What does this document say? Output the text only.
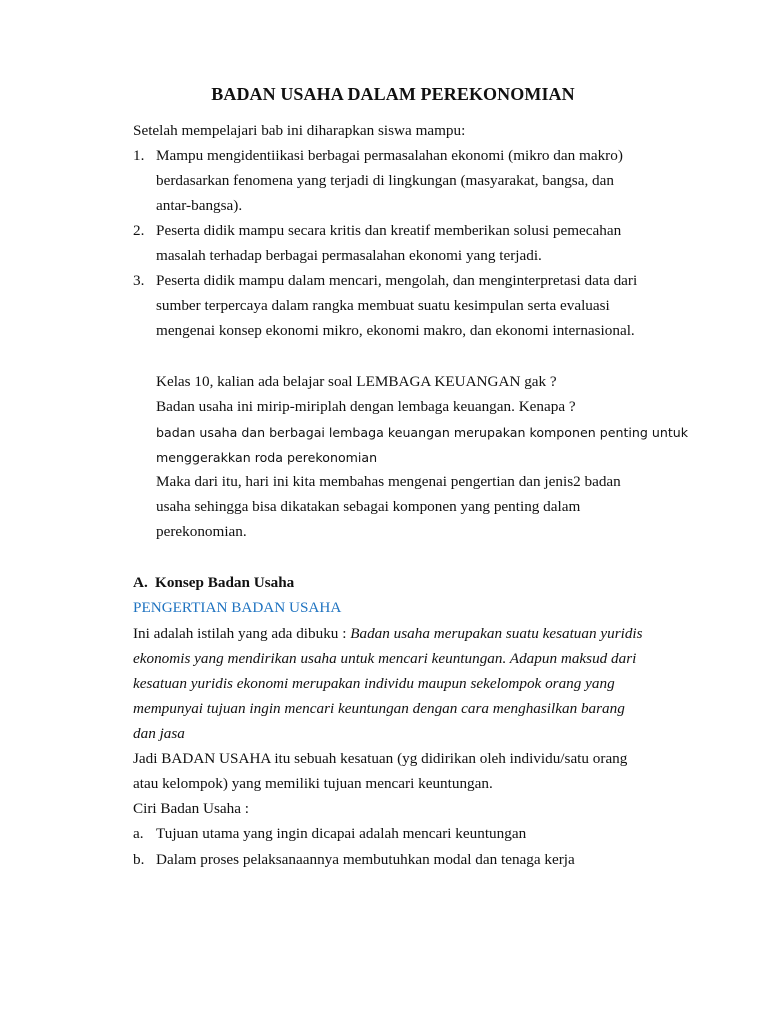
BADAN USAHA DALAM PEREKONOMIAN
Setelah mempelajari bab ini diharapkan siswa mampu:
1. Mampu mengidentiikasi berbagai permasalahan ekonomi (mikro dan makro)
berdasarkan fenomena yang terjadi di lingkungan (masyarakat, bangsa, dan
antar-bangsa).
2. Peserta didik mampu secara kritis dan kreatif memberikan solusi pemecahan
masalah terhadap berbagai permasalahan ekonomi yang terjadi.
3. Peserta didik mampu dalam mencari, mengolah, dan menginterpretasi data dari
sumber terpercaya dalam rangka membuat suatu kesimpulan serta evaluasi
mengenai konsep ekonomi mikro, ekonomi makro, dan ekonomi internasional.
Kelas 10, kalian ada belajar soal LEMBAGA KEUANGAN gak ?
Badan usaha ini mirip-miriplah dengan lembaga keuangan. Kenapa ?
badan usaha dan berbagai lembaga keuangan merupakan komponen penting untuk
menggerakkan roda perekonomian
Maka dari itu, hari ini kita membahas mengenai pengertian dan jenis2 badan
usaha sehingga bisa dikatakan sebagai komponen yang penting dalam
perekonomian.
A. Konsep Badan Usaha
PENGERTIAN BADAN USAHA
Ini adalah istilah yang ada dibuku : Badan usaha merupakan suatu kesatuan yuridis
ekonomis yang mendirikan usaha untuk mencari keuntungan. Adapun maksud dari
kesatuan yuridis ekonomi merupakan individu maupun sekelompok orang yang
mempunyai tujuan ingin mencari keuntungan dengan cara menghasilkan barang
dan jasa
Jadi BADAN USAHA itu sebuah kesatuan (yg didirikan oleh individu/satu orang
atau kelompok) yang memiliki tujuan mencari keuntungan.
Ciri Badan Usaha :
a. Tujuan utama yang ingin dicapai adalah mencari keuntungan
b. Dalam proses pelaksanaannya membutuhkan modal dan tenaga kerja
